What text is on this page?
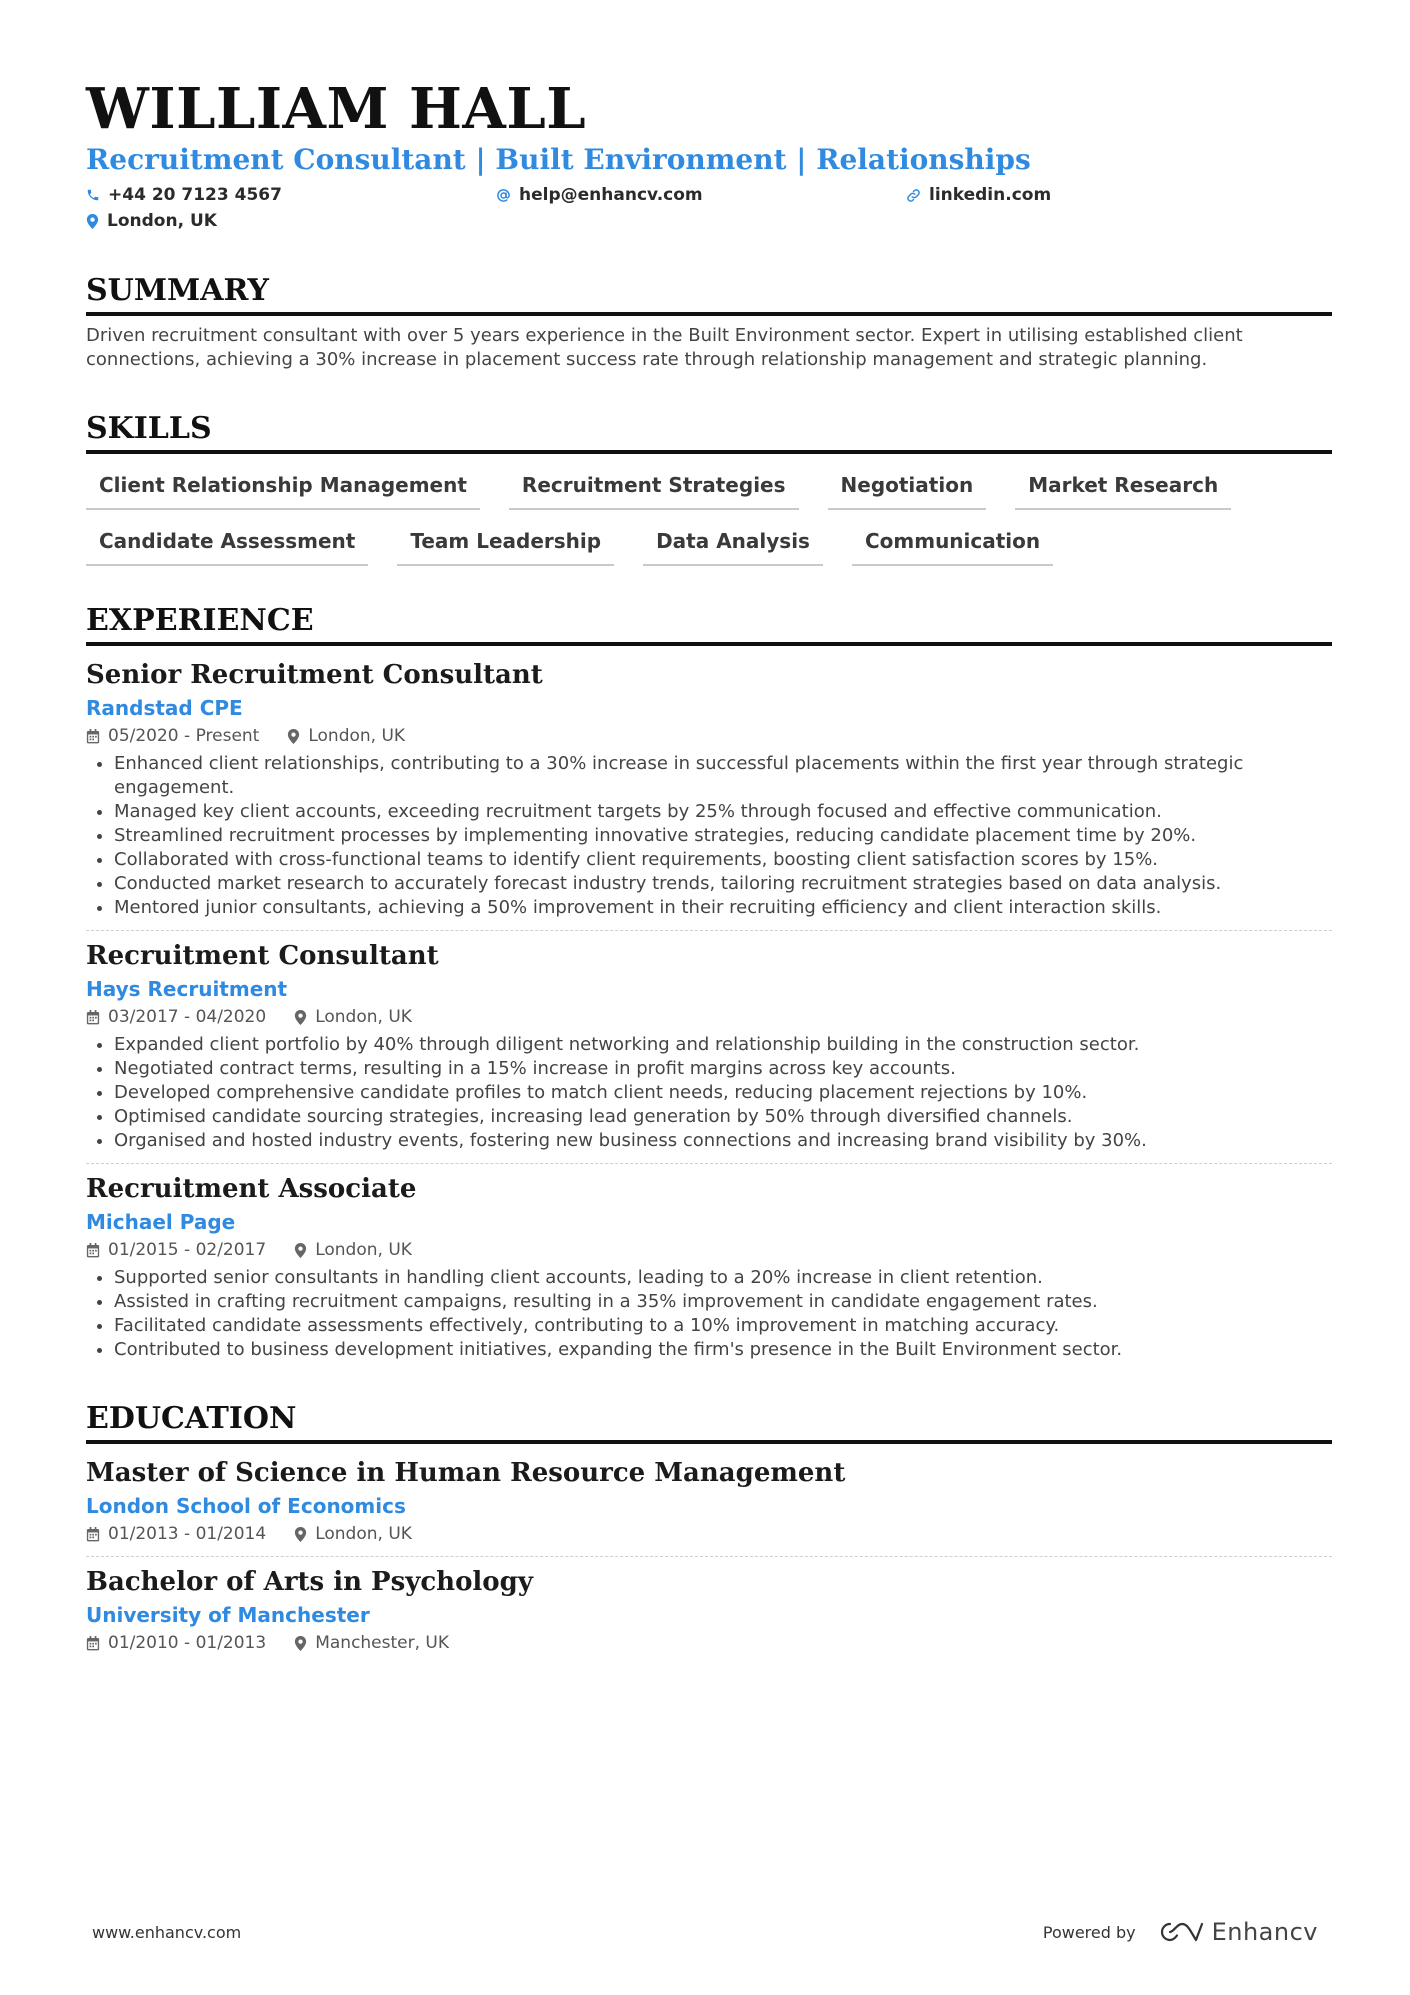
WILLIAM HALL
Recruitment Consultant | Built Environment | Relationships
+44 20 7123 4567	help@enhancv.com	linkedin.com
London, UK
SUMMARY

Driven recruitment consultant with over 5 years experience in the Built Environment sector. Expert in utilising established client connections, achieving a 30% increase in placement success rate through relationship management and strategic planning.

SKILLS
Client Relationship Management	Recruitment Strategies	Negotiation	Market Research
Candidate Assessment	Team Leadership	Data Analysis	Communication
EXPERIENCE
Senior Recruitment Consultant
Randstad CPE
05/2020 - Present	London, UK
• Enhanced client relationships, contributing to a 30% increase in successful placements within the first year through strategic engagement.
• Managed key client accounts, exceeding recruitment targets by 25% through focused and effective communication.
• Streamlined recruitment processes by implementing innovative strategies, reducing candidate placement time by 20%.
• Collaborated with cross-functional teams to identify client requirements, boosting client satisfaction scores by 15%.
• Conducted market research to accurately forecast industry trends, tailoring recruitment strategies based on data analysis.
• Mentored junior consultants, achieving a 50% improvement in their recruiting efficiency and client interaction skills.
Recruitment Consultant
Hays Recruitment
03/2017 - 04/2020	London, UK
• Expanded client portfolio by 40% through diligent networking and relationship building in the construction sector.
• Negotiated contract terms, resulting in a 15% increase in profit margins across key accounts.
• Developed comprehensive candidate profiles to match client needs, reducing placement rejections by 10%.
• Optimised candidate sourcing strategies, increasing lead generation by 50% through diversified channels.
• Organised and hosted industry events, fostering new business connections and increasing brand visibility by 30%.
Recruitment Associate
Michael Page
01/2015 - 02/2017	London, UK
• Supported senior consultants in handling client accounts, leading to a 20% increase in client retention.
• Assisted in crafting recruitment campaigns, resulting in a 35% improvement in candidate engagement rates.
• Facilitated candidate assessments effectively, contributing to a 10% improvement in matching accuracy.
• Contributed to business development initiatives, expanding the firm's presence in the Built Environment sector.
EDUCATION
Master of Science in Human Resource Management
London School of Economics
01/2013 - 01/2014	London, UK
Bachelor of Arts in Psychology
University of Manchester
01/2010 - 01/2013	Manchester, UK
www.enhancv.com	Powered by	Enhancv
